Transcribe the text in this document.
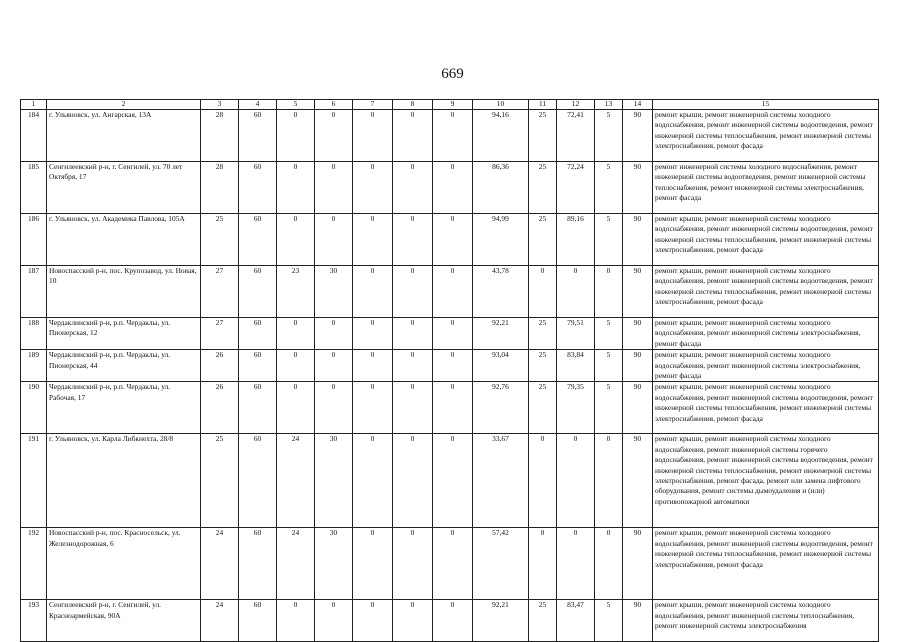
669
1	2	3	4	5	6	7	8	9	10	11	12	13	14	15
184	г. Ульяновск, ул. Ангарская, 13А	28	60	0	0	0	0	0	94,16	25	72,41	5	90	ремонт крыши, ремонт инженерной системы холодного водоснабжения, ремонт инженерной системы водоотведения, ремонт инженерной системы теплоснабжения, ремонт инженерной системы электроснабжения, ремонт фасада
185	Сенгилеевский р-н, г. Сенгилей, ул. 70 лет Октября, 17	28	60	0	0	0	0	0	86,36	25	72,24	5	90	ремонт инженерной системы холодного водоснабжения, ремонт инженерной системы водоотведения, ремонт инженерной системы теплоснабжения, ремонт инженерной системы электроснабжения, ремонт фасада
186	г. Ульяновск, ул. Академика Павлова, 105А	25	60	0	0	0	0	0	94,99	25	89,16	5	90	ремонт крыши, ремонт инженерной системы холодного водоснабжения, ремонт инженерной системы водоотведения, ремонт инженерной системы теплоснабжения, ремонт инженерной системы электроснабжения, ремонт фасада
187	Новоспасский р-н, пос. Крупозавод, ул. Новая, 10	27	60	23	30	0	0	0	43,78	0	0	0	90	ремонт крыши, ремонт инженерной системы холодного водоснабжения, ремонт инженерной системы водоотведения, ремонт инженерной системы теплоснабжения, ремонт инженерной системы электроснабжения, ремонт фасада
188	Чердаклинский р-н, р.п. Чердаклы, ул. Пионерская, 12	27	60	0	0	0	0	0	92,21	25	79,51	5	90	ремонт крыши, ремонт инженерной системы холодного водоснабжения, ремонт инженерной системы электроснабжения, ремонт фасада
189	Чердаклинский р-н, р.п. Чердаклы, ул. Пионерская, 44	26	60	0	0	0	0	0	93,04	25	83,84	5	90	ремонт крыши, ремонт инженерной системы холодного водоснабжения, ремонт инженерной системы электроснабжения, ремонт фасада
190	Чердаклинский р-н, р.п. Чердаклы, ул. Рабочая, 17	26	60	0	0	0	0	0	92,76	25	79,35	5	90	ремонт крыши, ремонт инженерной системы холодного водоснабжения, ремонт инженерной системы водоотведения, ремонт инженерной системы теплоснабжения, ремонт инженерной системы электроснабжения, ремонт фасада
191	г. Ульяновск, ул. Карла Либкнехта, 28/8	25	60	24	30	0	0	0	33,67	0	0	0	90	ремонт крыши, ремонт инженерной системы холодного водоснабжения, ремонт инженерной системы горячего водоснабжения, ремонт инженерной системы водоотведения, ремонт инженерной системы теплоснабжения, ремонт инженерной системы электроснабжения, ремонт фасада, ремонт или замена лифтового оборудования, ремонт системы дымоудаления и (или) противопожарной автоматики
192	Новоспасский р-н, пос. Красносельск, ул. Железнодорожная, 6	24	60	24	30	0	0	0	57,42	0	0	0	90	ремонт крыши, ремонт инженерной системы холодного водоснабжения, ремонт инженерной системы водоотведения, ремонт инженерной системы теплоснабжения, ремонт инженерной системы электроснабжения, ремонт фасада
193	Сенгилеевский р-н, г. Сенгилей, ул. Красноармейская, 90А	24	60	0	0	0	0	0	92,21	25	83,47	5	90	ремонт крыши, ремонт инженерной системы холодного водоснабжения, ремонт инженерной системы теплоснабжения, ремонт инженерной системы электроснабжения
